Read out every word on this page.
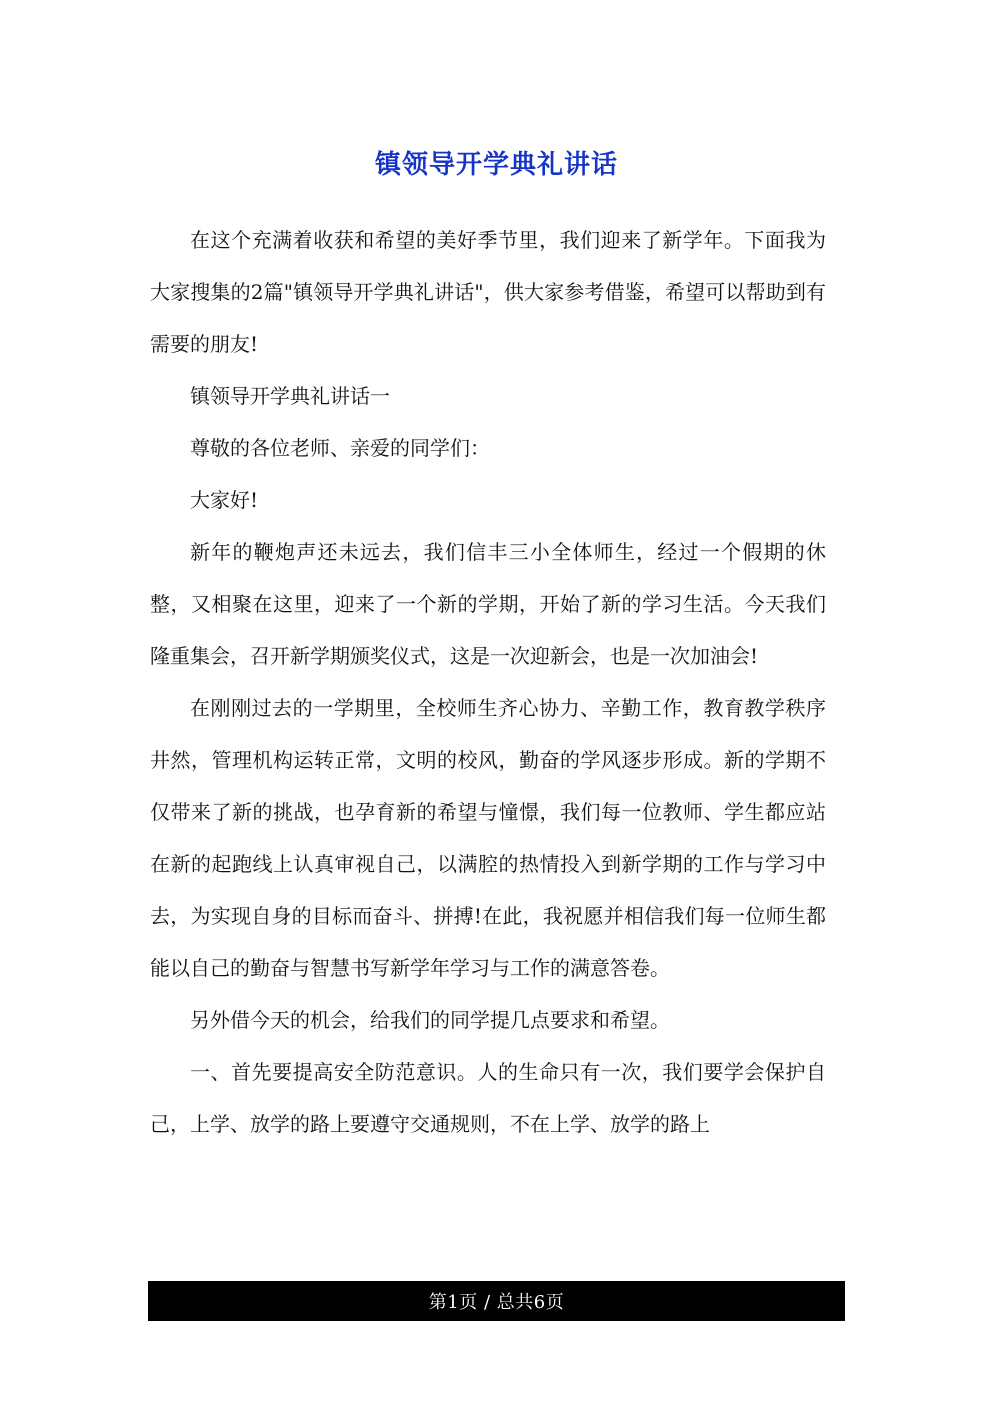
镇领导开学典礼讲话

在这个充满着收获和希望的美好季节里，我们迎来了新学年。下面我为大家搜集的2篇"镇领导开学典礼讲话"，供大家参考借鉴，希望可以帮助到有需要的朋友!

镇领导开学典礼讲话一

尊敬的各位老师、亲爱的同学们：

大家好!

新年的鞭炮声还未远去，我们信丰三小全体师生，经过一个假期的休整，又相聚在这里，迎来了一个新的学期，开始了新的学习生活。今天我们隆重集会，召开新学期颁奖仪式，这是一次迎新会，也是一次加油会!

在刚刚过去的一学期里，全校师生齐心协力、辛勤工作，教育教学秩序井然，管理机构运转正常，文明的校风，勤奋的学风逐步形成。新的学期不仅带来了新的挑战，也孕育新的希望与憧憬，我们每一位教师、学生都应站在新的起跑线上认真审视自己，以满腔的热情投入到新学期的工作与学习中去，为实现自身的目标而奋斗、拼搏!在此，我祝愿并相信我们每一位师生都能以自己的勤奋与智慧书写新学年学习与工作的满意答卷。

另外借今天的机会，给我们的同学提几点要求和希望。

一、首先要提高安全防范意识。人的生命只有一次，我们要学会保护自己，上学、放学的路上要遵守交通规则，不在上学、放学的路上

第1页 / 总共6页
